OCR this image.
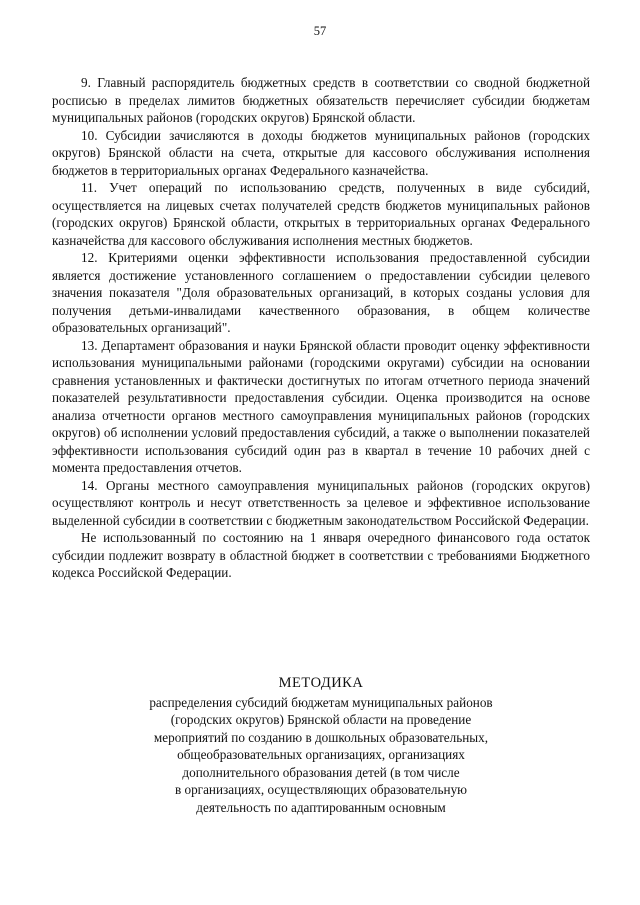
57

9. Главный распорядитель бюджетных средств в соответствии со сводной бюджетной росписью в пределах лимитов бюджетных обязательств перечисляет субсидии бюджетам муниципальных районов (городских округов) Брянской области.

10. Субсидии зачисляются в доходы бюджетов муниципальных районов (городских округов) Брянской области на счета, открытые для кассового обслуживания исполнения бюджетов в территориальных органах Федерального казначейства.

11. Учет операций по использованию средств, полученных в виде субсидий, осуществляется на лицевых счетах получателей средств бюджетов муниципальных районов (городских округов) Брянской области, открытых в территориальных органах Федерального казначейства для кассового обслуживания исполнения местных бюджетов.

12. Критериями оценки эффективности использования предоставленной субсидии является достижение установленного соглашением о предоставлении субсидии целевого значения показателя "Доля образовательных организаций, в которых созданы условия для получения детьми-инвалидами качественного образования, в общем количестве образовательных организаций".

13. Департамент образования и науки Брянской области проводит оценку эффективности использования муниципальными районами (городскими округами) субсидии на основании сравнения установленных и фактически достигнутых по итогам отчетного периода значений показателей результативности предоставления субсидии. Оценка производится на основе анализа отчетности органов местного самоуправления муниципальных районов (городских округов) об исполнении условий предоставления субсидий, а также о выполнении показателей эффективности использования субсидий один раз в квартал в течение 10 рабочих дней с момента предоставления отчетов.

14. Органы местного самоуправления муниципальных районов (городских округов) осуществляют контроль и несут ответственность за целевое и эффективное использование выделенной субсидии в соответствии с бюджетным законодательством Российской Федерации.

Не использованный по состоянию на 1 января очередного финансового года остаток субсидии подлежит возврату в областной бюджет в соответствии с требованиями Бюджетного кодекса Российской Федерации.

МЕТОДИКА
распределения субсидий бюджетам муниципальных районов
(городских округов) Брянской области на проведение
мероприятий по созданию в дошкольных образовательных,
общеобразовательных организациях, организациях
дополнительного образования детей (в том числе
в организациях, осуществляющих образовательную
деятельность по адаптированным основным
